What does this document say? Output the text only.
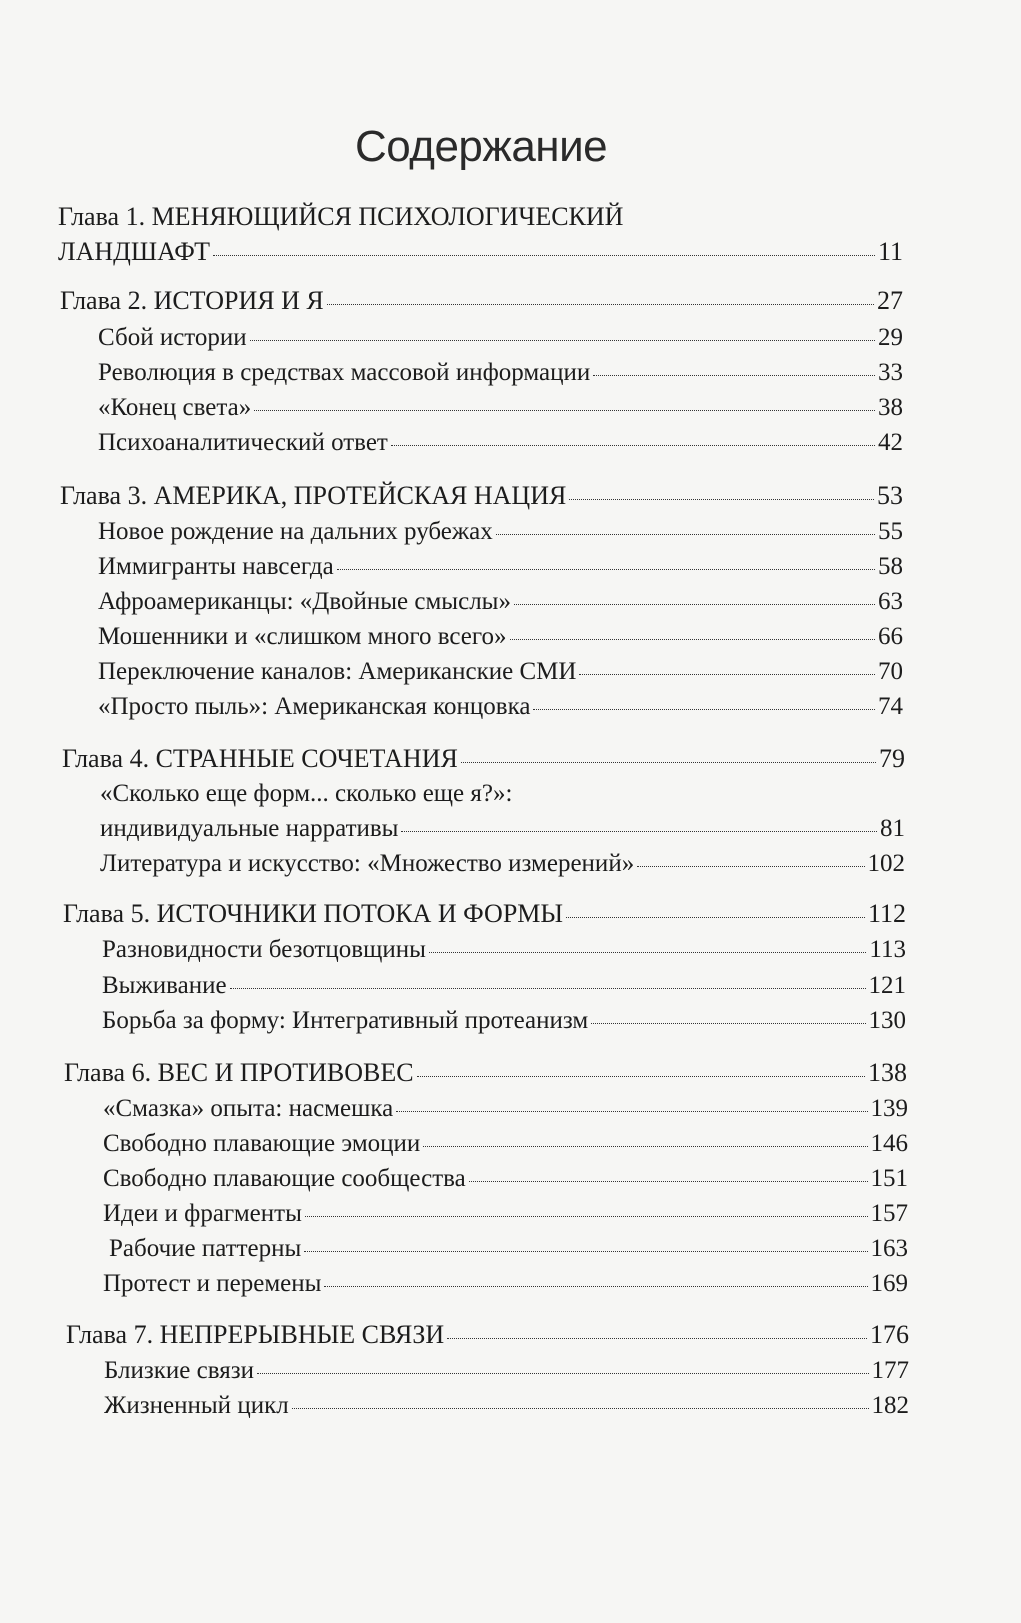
Содержание
Глава 1. МЕНЯЮЩИЙСЯ ПСИХОЛОГИЧЕСКИЙ
ЛАНДШАФТ	11
Глава 2. ИСТОРИЯ И Я	27
Сбой истории	29
Революция в средствах массовой информации	33
«Конец света»	38
Психоаналитический ответ	42
Глава 3. АМЕРИКА, ПРОТЕЙСКАЯ НАЦИЯ	53
Новое рождение на дальних рубежах	55
Иммигранты навсегда	58
Афроамериканцы: «Двойные смыслы»	63
Мошенники и «слишком много всего»	66
Переключение каналов: Американские СМИ	70
«Просто пыль»: Американская концовка	74
Глава 4. СТРАННЫЕ СОЧЕТАНИЯ	79
«Сколько еще форм... сколько еще я?»:
индивидуальные нарративы	81
Литература и искусство: «Множество измерений»	102
Глава 5. ИСТОЧНИКИ ПОТОКА И ФОРМЫ	112
Разновидности безотцовщины	113
Выживание	121
Борьба за форму: Интегративный протеанизм	130
Глава 6. ВЕС И ПРОТИВОВЕС	138
«Смазка» опыта: насмешка	139
Свободно плавающие эмоции	146
Свободно плавающие сообщества	151
Идеи и фрагменты	157
Рабочие паттерны	163
Протест и перемены	169
Глава 7. НЕПРЕРЫВНЫЕ СВЯЗИ	176
Близкие связи	177
Жизненный цикл	182
